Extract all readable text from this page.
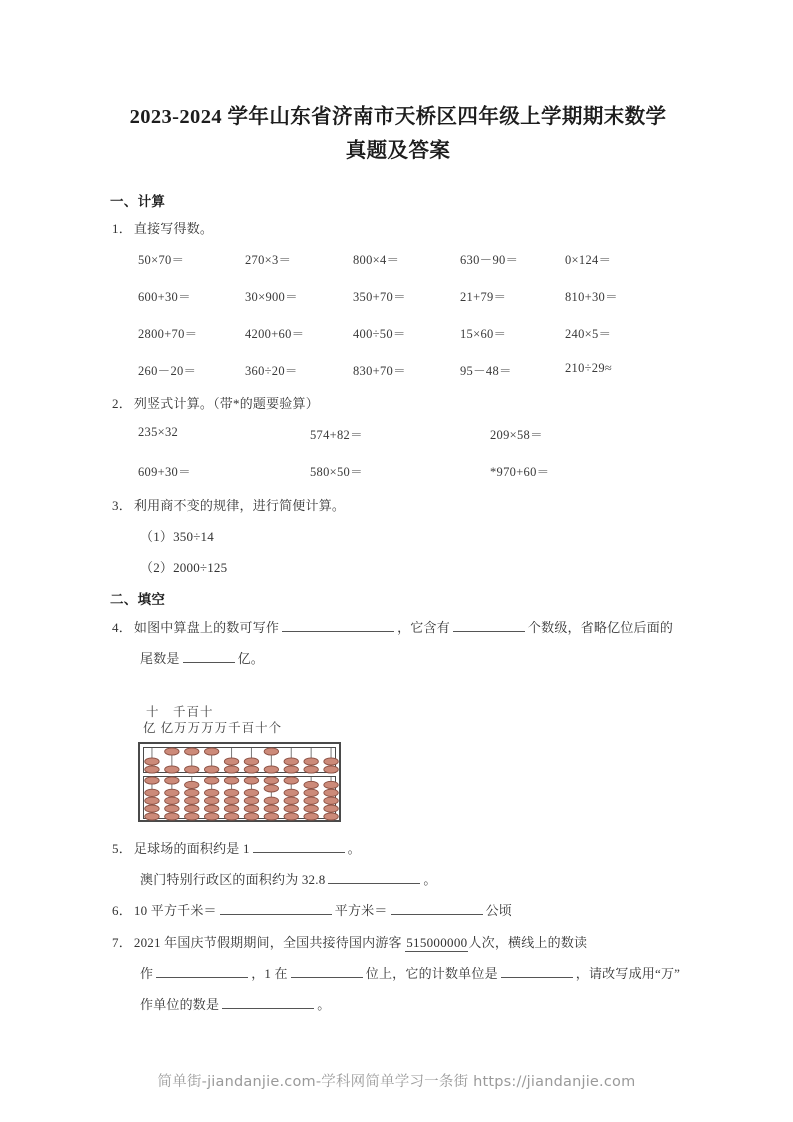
2023-2024 学年山东省济南市天桥区四年级上学期期末数学
真题及答案
一、计算
1． 直接写得数。
50×70＝	270×3＝	800×4＝	630－90＝	0×124＝
600+30＝	30×900＝	350+70＝	21+79＝	810+30＝
2800+70＝	4200+60＝	400÷50＝	15×60＝	240×5＝
260－20＝	360÷20＝	830+70＝	95－48＝	210÷29≈
2． 列竖式计算。（带*的题要验算）
235×32	574+82＝	209×58＝
609+30＝	580×50＝	*970+60＝
3． 利用商不变的规律，进行简便计算。
（1）350÷14
（2）2000÷125
二、填空
4． 如图中算盘上的数可写作	，它含有	个数级，省略亿位后面的
尾数是	亿。
十　千百十
亿 亿万万万万千百十个
5． 足球场的面积约是 1	。
澳门特别行政区的面积约为 32.8	。
6． 10 平方千米＝	平方米＝	公顷
7． 2021 年国庆节假期期间，全国共接待国内游客 515000000人次，横线上的数读
作	，1 在	位上，它的计数单位是	，请改写成用“万”
作单位的数是	。
简单街-jiandanjie.com-学科网简单学习一条街 https://jiandanjie.com
